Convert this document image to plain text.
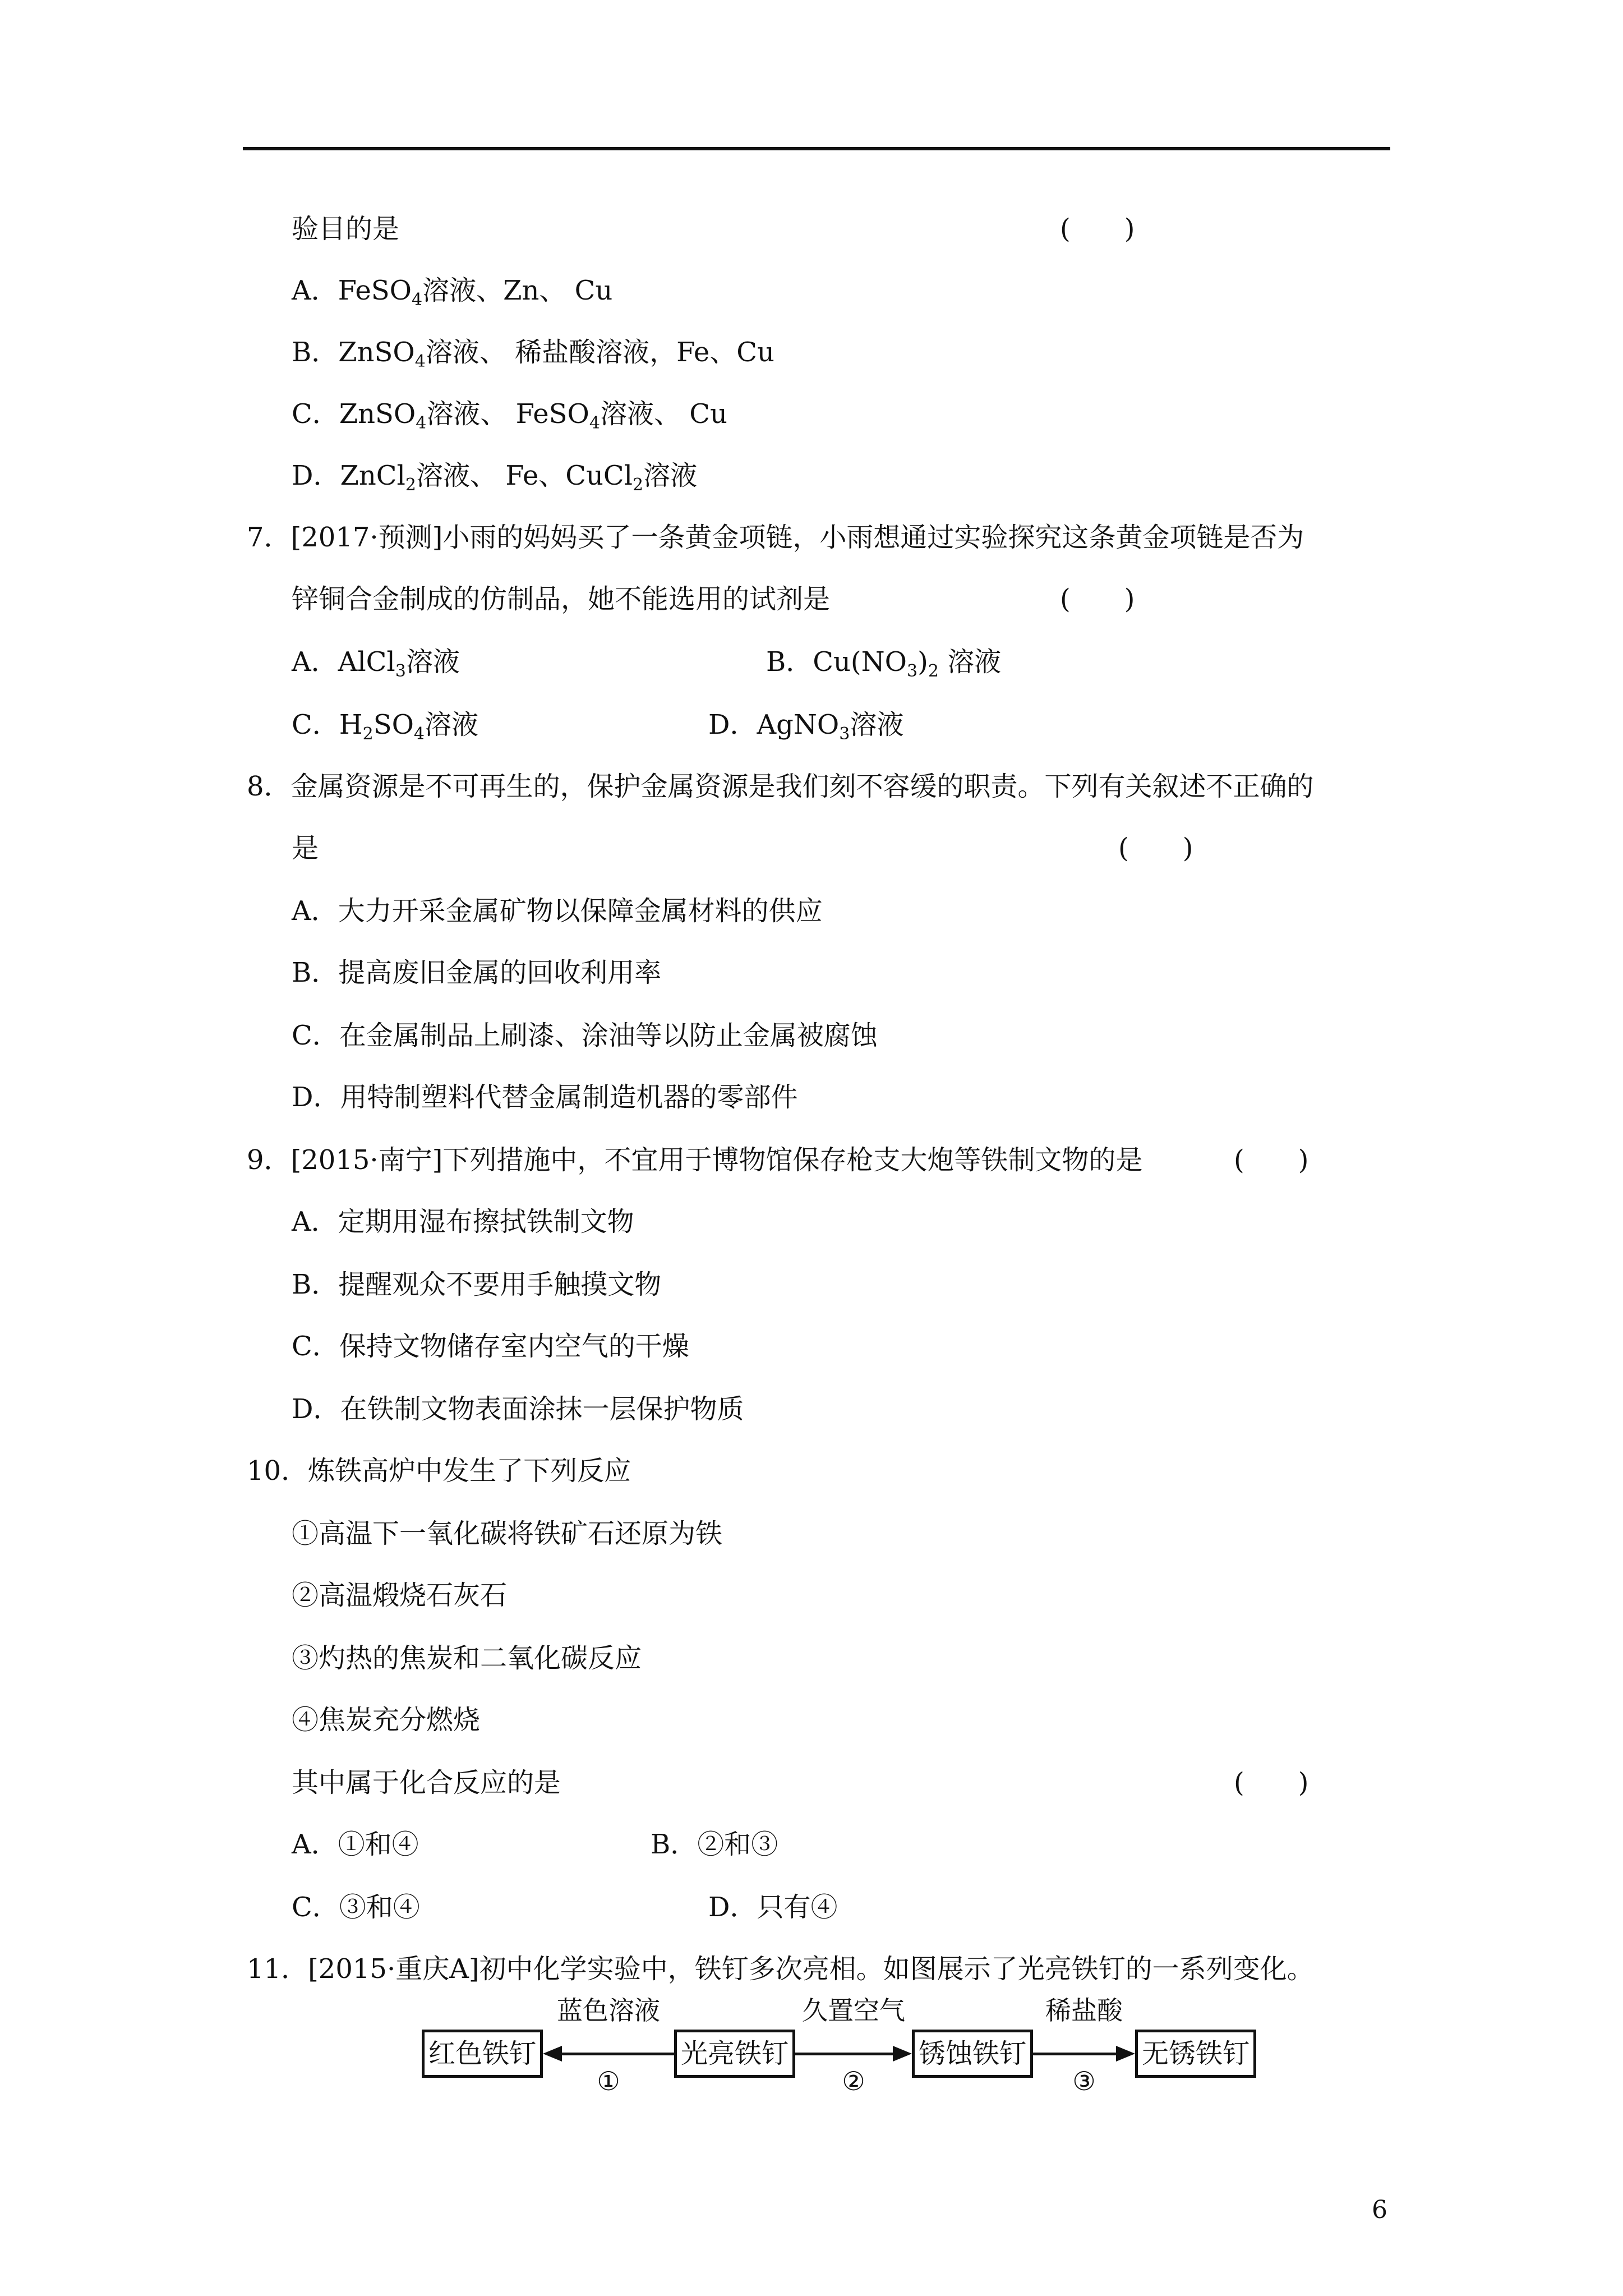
验目的是	(　　)
A．FeSO$_4$溶液、Zn、 Cu
B．ZnSO$_4$溶液、 稀盐酸溶液，Fe、Cu
C．ZnSO$_4$溶液、 FeSO$_4$溶液、 Cu
D．ZnCl$_2$溶液、 Fe、CuCl$_2$溶液
7．[2017·预测]小雨的妈妈买了一条黄金项链，小雨想通过实验探究这条黄金项链是否为
锌铜合金制成的仿制品，她不能选用的试剂是	(　　)
A．AlCl$_3$溶液	B．$Cu(NO_3)_2$ 溶液
C．$H_2SO_4$溶液	D．AgNO$_3$溶液
8．金属资源是不可再生的，保护金属资源是我们刻不容缓的职责。下列有关叙述不正确的
是	(　　)
A．大力开采金属矿物以保障金属材料的供应
B．提高废旧金属的回收利用率
C．在金属制品上刷漆、涂油等以防止金属被腐蚀
D．用特制塑料代替金属制造机器的零部件
9．[2015·南宁]下列措施中，不宜用于博物馆保存枪支大炮等铁制文物的是	(　　)
A．定期用湿布擦拭铁制文物
B．提醒观众不要用手触摸文物
C．保持文物储存室内空气的干燥
D．在铁制文物表面涂抹一层保护物质
10．炼铁高炉中发生了下列反应
①高温下一氧化碳将铁矿石还原为铁
②高温煅烧石灰石
③灼热的焦炭和二氧化碳反应
④焦炭充分燃烧
其中属于化合反应的是	(　　)
A．①和④	B．②和③
C．③和④	D．只有④
11．[2015·重庆A]初中化学实验中，铁钉多次亮相。如图展示了光亮铁钉的一系列变化。
红色铁钉	光亮铁钉	锈蚀铁钉	无锈铁钉
蓝色溶液
①
久置空气
②
稀盐酸
③
6
